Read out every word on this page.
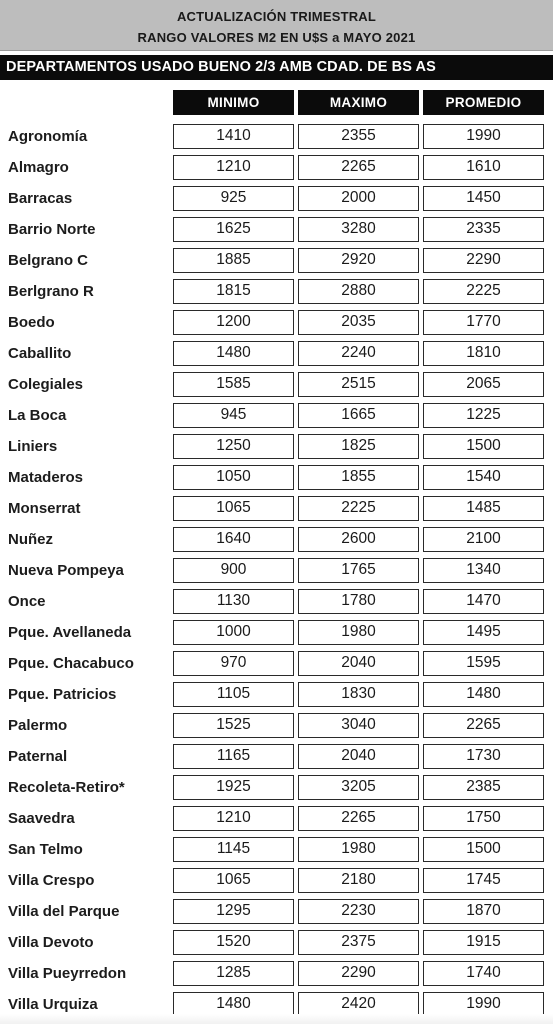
ACTUALIZACIÓN TRIMESTRAL
RANGO VALORES M2 EN U$S a MAYO 2021
DEPARTAMENTOS USADO BUENO 2/3 AMB CDAD. DE BS AS
MINIMO	MAXIMO	PROMEDIO
Agronomía	1410	2355	1990
Almagro	1210	2265	1610
Barracas	925	2000	1450
Barrio Norte	1625	3280	2335
Belgrano C	1885	2920	2290
Berlgrano R	1815	2880	2225
Boedo	1200	2035	1770
Caballito	1480	2240	1810
Colegiales	1585	2515	2065
La Boca	945	1665	1225
Liniers	1250	1825	1500
Mataderos	1050	1855	1540
Monserrat	1065	2225	1485
Nuñez	1640	2600	2100
Nueva Pompeya	900	1765	1340
Once	1130	1780	1470
Pque. Avellaneda	1000	1980	1495
Pque. Chacabuco	970	2040	1595
Pque. Patricios	1105	1830	1480
Palermo	1525	3040	2265
Paternal	1165	2040	1730
Recoleta-Retiro*	1925	3205	2385
Saavedra	1210	2265	1750
San Telmo	1145	1980	1500
Villa Crespo	1065	2180	1745
Villa del Parque	1295	2230	1870
Villa Devoto	1520	2375	1915
Villa Pueyrredon	1285	2290	1740
Villa Urquiza	1480	2420	1990
